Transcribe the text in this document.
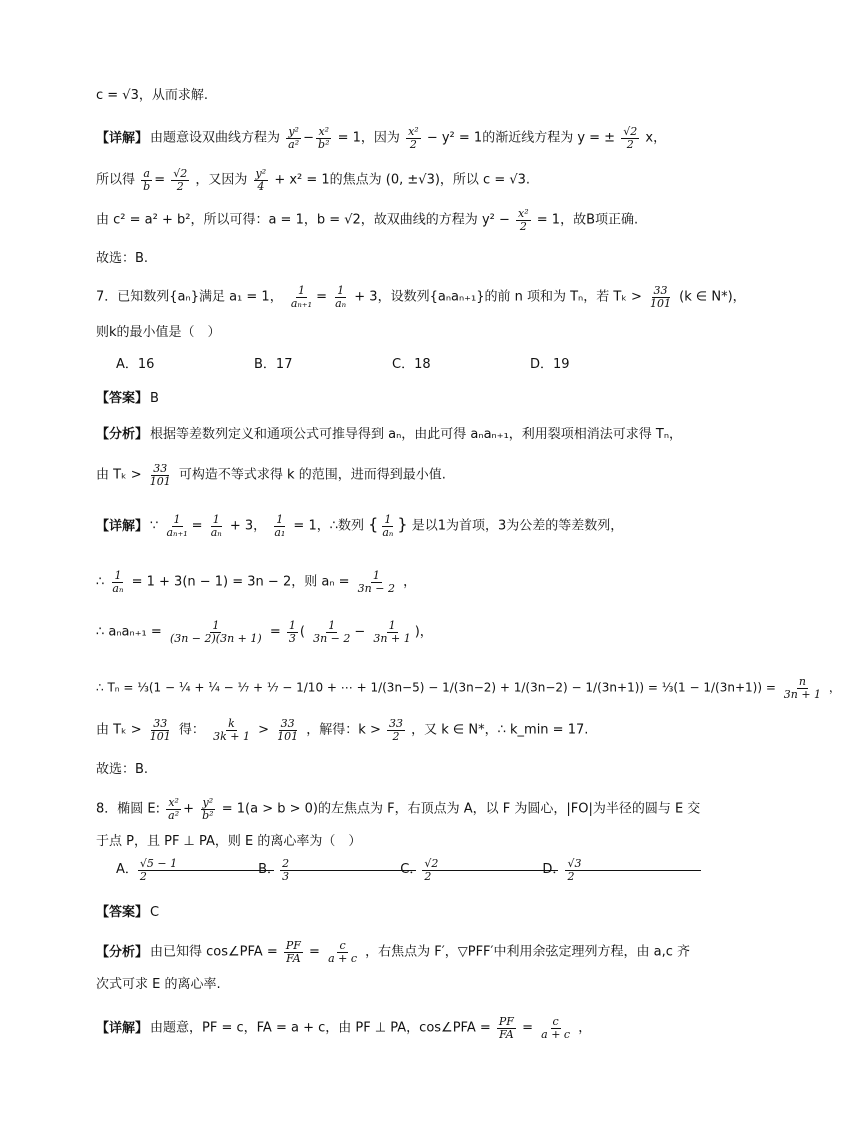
c = √3，从而求解.
【详解】 由题意设双曲线方程为 $\frac{\text{y²}}{\text{a²}} - \frac{\text{x²}}{\text{b²}} = 1$，因为 $\frac{\text{x²}}{2} - y^2 = 1$的渐近线方程为 y = ± $\frac{√2}{2}$ x，
所以得 $\frac{a}{b} = \frac{√2}{2}$ ，又因为 $\frac{\text{y²}}{4} + x^2 = 1$的焦点为 (0, ±√3)，所以 c = √3.
由 c² = a² + b²，所以可得：a = 1，b = √2，故双曲线的方程为 $y^2 - \frac{\text{x²}}{2} = 1$，故B项正确.
故选：B.
7．已知数列{aₙ}满足 a₁ = 1， $\frac{1}{\text{aₙ₊₁}} = \frac{1}{\text{aₙ}} + 3$，设数列{aₙaₙ₊₁}的前 n 项和为 Tₙ，若 $T_k > \frac{33}{101} (k$ ∈ N*)，
则k的最小值是（　）
A．16	B．17	C．18	D．19
【答案】 B
【分析】 根据等差数列定义和通项公式可推导得到 aₙ，由此可得 aₙaₙ₊₁，利用裂项相消法可求得 Tₙ，
由 $T_k > \frac{33}{101}$ 可构造不等式求得 k 的范围，进而得到最小值.
【详解】 ∵ $\frac{1}{\text{aₙ₊₁}} = \frac{1}{\text{aₙ}} + 3$， $\frac{1}{\text{a₁}} = 1$，∴数列 { $\frac{1}{\text{aₙ}}$ } 是以1为首项，3为公差的等差数列，
∴ $\frac{1}{\text{aₙ}} = 1 + 3(n - 1) = 3n - 2$，则 $a_n = \frac{1}{3n - 2}$ ，
∴ $a_na_{n+1} = \frac{1}{(3n - 2)(3n + 1)} = \frac{1}{3}$ ( $\frac{1}{3n - 2} - \frac{1}{3n + 1}$ )，
∴ Tₙ = ⅓(1 − ¼ + ¼ − ⅐ + ⅐ − 1/10 + ⋯ + 1/(3n−5) − 1/(3n−2) + 1/(3n−2) − 1/(3n+1)) = ⅓(1 − $1/(3n+1)) = \frac{n}{3n + 1}$ ，
由 $T_k > \frac{33}{101}$ 得： $\frac{k}{3k + 1} > \frac{33}{101}$ ，解得：$k > \frac{33}{2}$ ，又 k ∈ N*，∴ k_min = 17.
故选：B.
8．椭圆 E: $\frac{\text{x²}}{\text{a²}} + \frac{\text{y²}}{\text{b²}} = 1(a > b > 0)$的左焦点为 F，右顶点为 A，以 F 为圆心，|FO|为半径的圆与 E 交
于点 P，且 PF ⊥ PA，则 E 的离心率为（　）
A． $\frac{√5 - 1}{2}$

B． $\frac{2}{3}$

C． $\frac{√2}{2}$

D． $\frac{√3}{2}$
【答案】 C
【分析】 由已知得 cos∠PFA = $\frac{PF}{FA} = \frac{c}{a + c}$ ，右焦点为 F′，▽PFF′中利用余弦定理列方程，由 a,c 齐
次式可求 E 的离心率.
【详解】 由题意，PF = c，FA = a + c，由 PF ⊥ PA，cos∠PFA = $\frac{PF}{FA} = \frac{c}{a + c}$ ，
